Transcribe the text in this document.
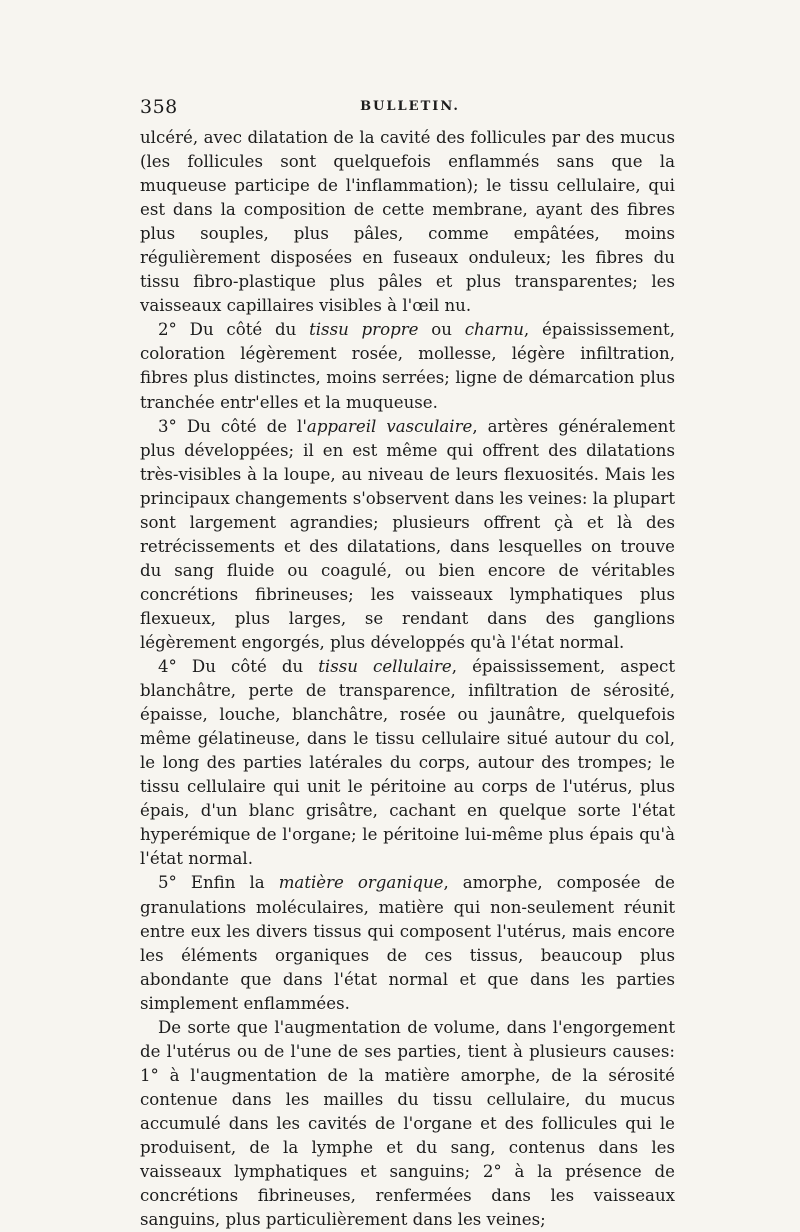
358	BULLETIN.

ulcéré, avec dilatation de la cavité des follicules par des mucus (les follicules sont quelquefois enflammés sans que la muqueuse participe de l'inflammation); le tissu cellulaire, qui est dans la composition de cette membrane, ayant des fibres plus souples, plus pâles, comme empâtées, moins régulièrement disposées en fuseaux onduleux; les fibres du tissu fibro-plastique plus pâles et plus transparentes; les vaisseaux capillaires visibles à l'œil nu.

2° Du côté du tissu propre ou charnu, épaississement, coloration légèrement rosée, mollesse, légère infiltration, fibres plus distinctes, moins serrées; ligne de démarcation plus tranchée entr'elles et la muqueuse.

3° Du côté de l'appareil vasculaire, artères généralement plus développées; il en est même qui offrent des dilatations très-visibles à la loupe, au niveau de leurs flexuosités. Mais les principaux changements s'observent dans les veines: la plupart sont largement agrandies; plusieurs offrent çà et là des retrécissements et des dilatations, dans lesquelles on trouve du sang fluide ou coagulé, ou bien encore de véritables concrétions fibrineuses; les vaisseaux lymphatiques plus flexueux, plus larges, se rendant dans des ganglions légèrement engorgés, plus développés qu'à l'état normal.

4° Du côté du tissu cellulaire, épaississement, aspect blanchâtre, perte de transparence, infiltration de sérosité, épaisse, louche, blanchâtre, rosée ou jaunâtre, quelquefois même gélatineuse, dans le tissu cellulaire situé autour du col, le long des parties latérales du corps, autour des trompes; le tissu cellulaire qui unit le péritoine au corps de l'utérus, plus épais, d'un blanc grisâtre, cachant en quelque sorte l'état hyperémique de l'organe; le péritoine lui-même plus épais qu'à l'état normal.

5° Enfin la matière organique, amorphe, composée de granulations moléculaires, matière qui non-seulement réunit entre eux les divers tissus qui composent l'utérus, mais encore les éléments organiques de ces tissus, beaucoup plus abondante que dans l'état normal et que dans les parties simplement enflammées.

De sorte que l'augmentation de volume, dans l'engorgement de l'utérus ou de l'une de ses parties, tient à plusieurs causes: 1° à l'augmentation de la matière amorphe, de la sérosité contenue dans les mailles du tissu cellulaire, du mucus accumulé dans les cavités de l'organe et des follicules qui le produisent, de la lymphe et du sang, contenus dans les vaisseaux lymphatiques et sanguins; 2° à la présence de concrétions fibrineuses, renfermées dans les vaisseaux sanguins, plus particulièrement dans les veines;
